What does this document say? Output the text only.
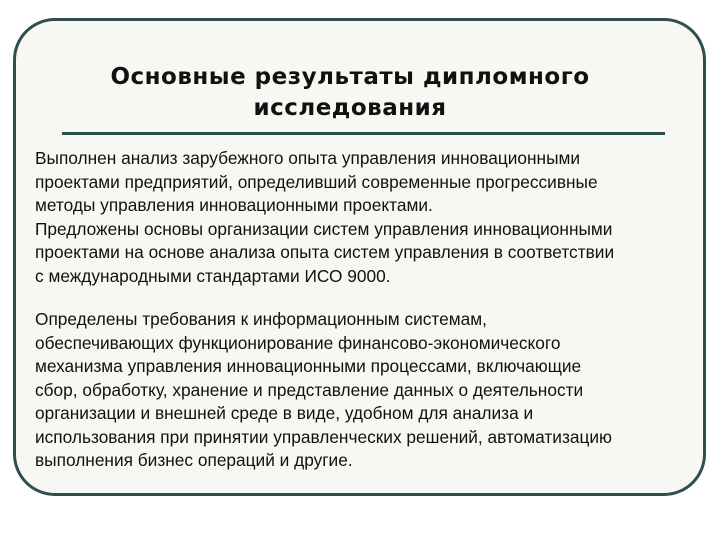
Основные результаты дипломного
исследования

Выполнен анализ зарубежного опыта управления инновационными
проектами предприятий, определивший современные прогрессивные
методы управления инновационными проектами.
Предложены основы организации систем управления инновационными
проектами на основе анализа опыта систем управления в соответствии
с международными стандартами ИСО 9000.

Определены требования к информационным системам,
обеспечивающих функционирование финансово-экономического
механизма управления инновационными процессами, включающие
сбор, обработку, хранение и представление данных о деятельности
организации и внешней среде в виде, удобном для анализа и
использования при принятии управленческих решений, автоматизацию
выполнения бизнес операций и другие.
